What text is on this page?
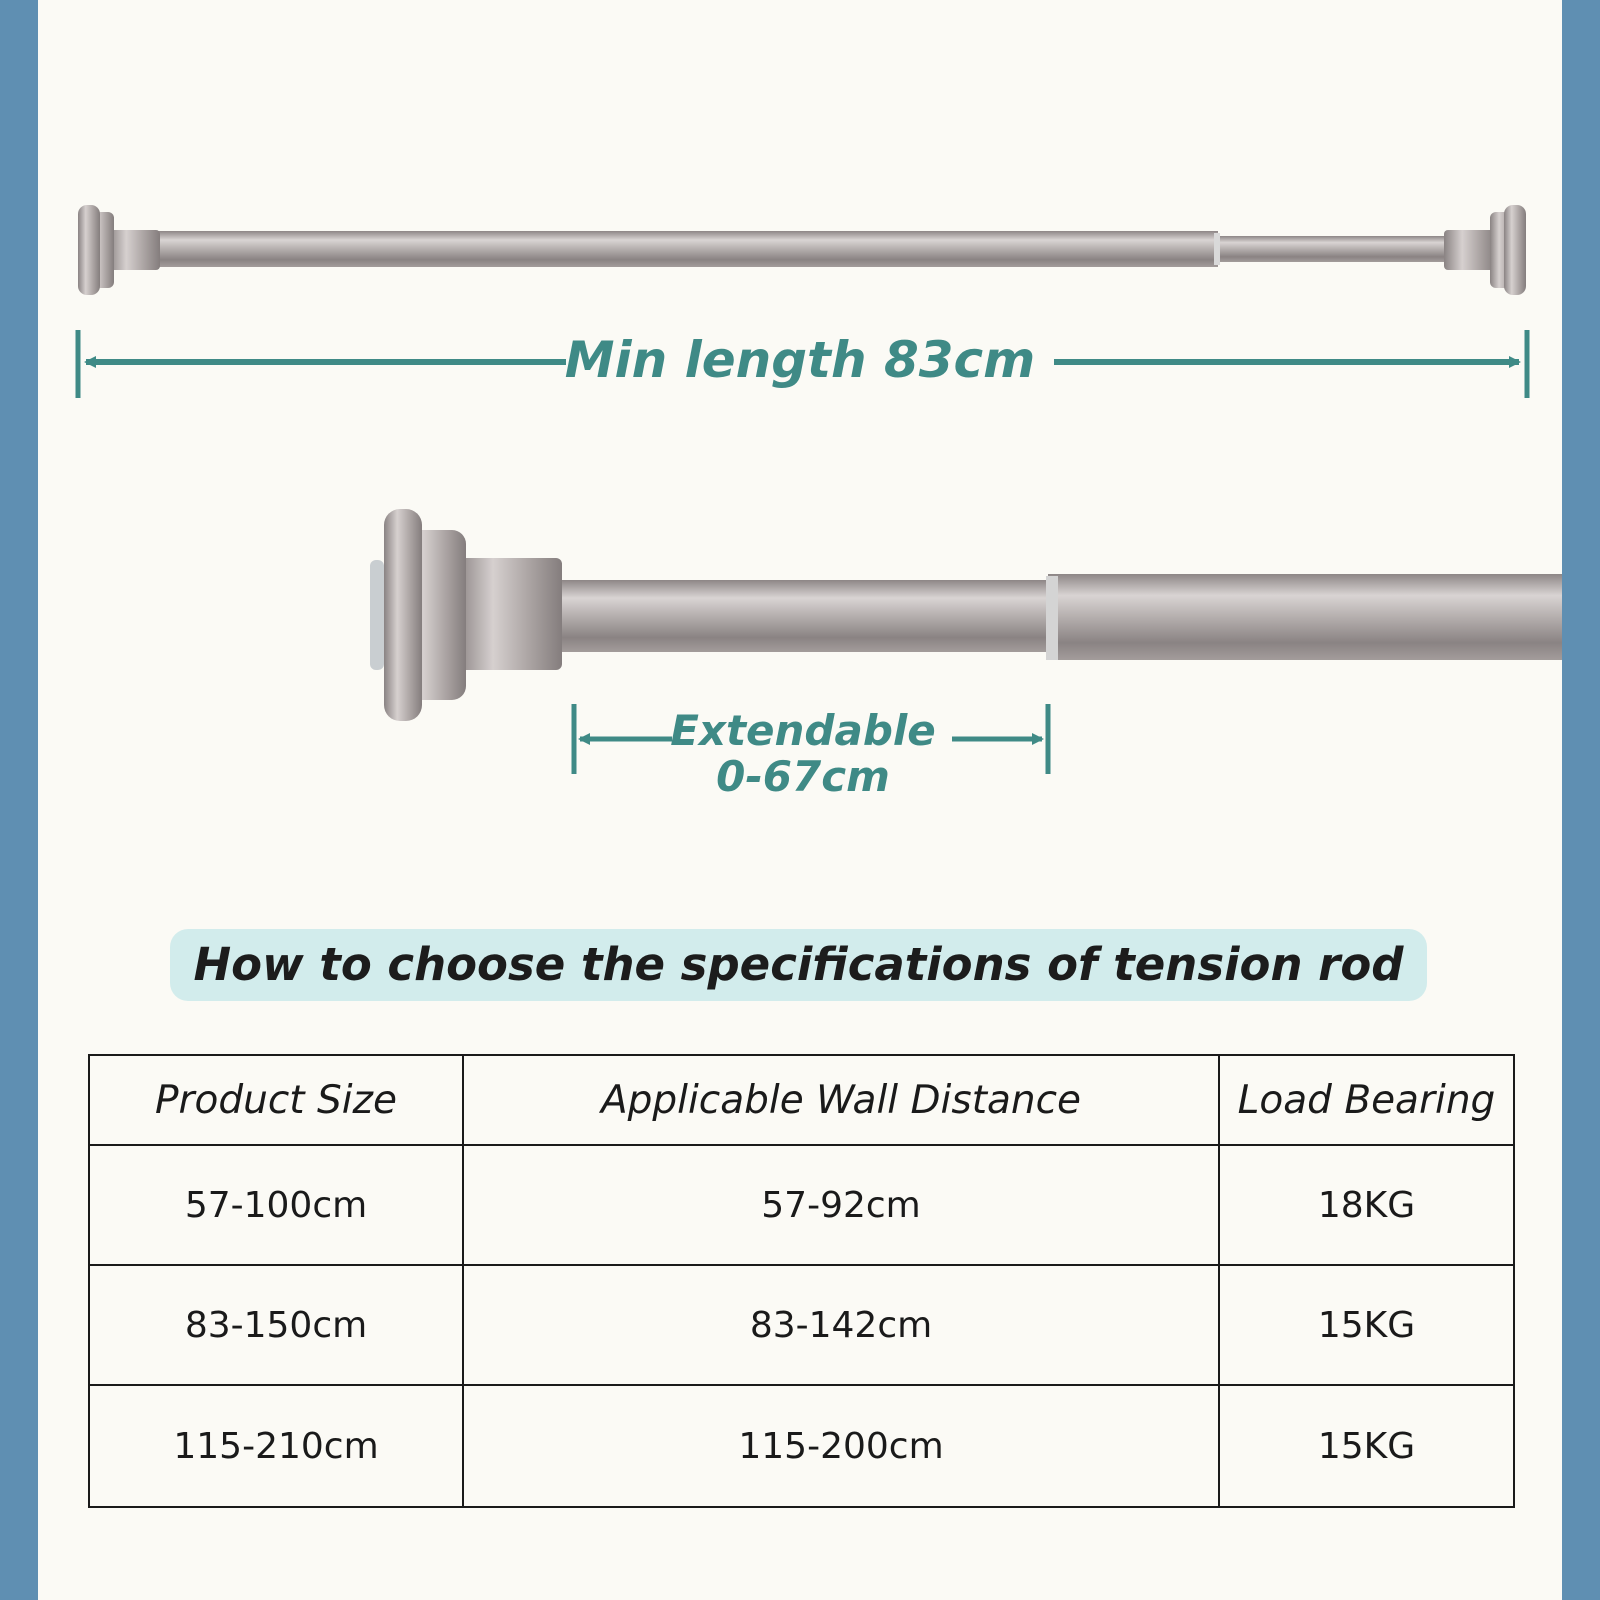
Min length 83cm
Extendable
0-67cm
How to choose the specifications of tension rod
Product Size	Applicable Wall Distance	Load Bearing
57-100cm	57-92cm	18KG
83-150cm	83-142cm	15KG
115-210cm	115-200cm	15KG
